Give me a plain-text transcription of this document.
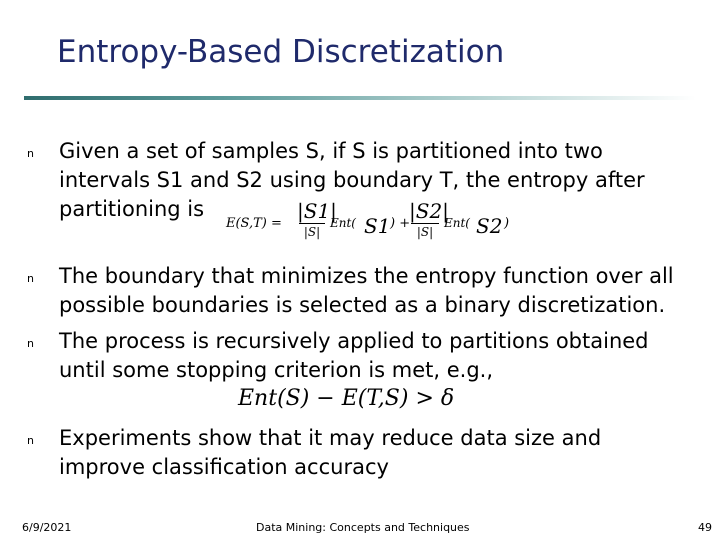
Entropy-Based Discretization
n Given a set of samples S, if S is partitioned into two
intervals S1 and S2 using boundary T, the entropy after
partitioning is
E(S,T) =
|S1|
|S|
Ent( S1 ) +
|S2|
|S|
Ent( S2 )
n The boundary that minimizes the entropy function over all
possible boundaries is selected as a binary discretization.
n The process is recursively applied to partitions obtained
until some stopping criterion is met, e.g.,
Ent(S) − E(T,S) > δ
n Experiments show that it may reduce data size and
improve classification accuracy
6/9/2021	Data Mining: Concepts and Techniques	49
